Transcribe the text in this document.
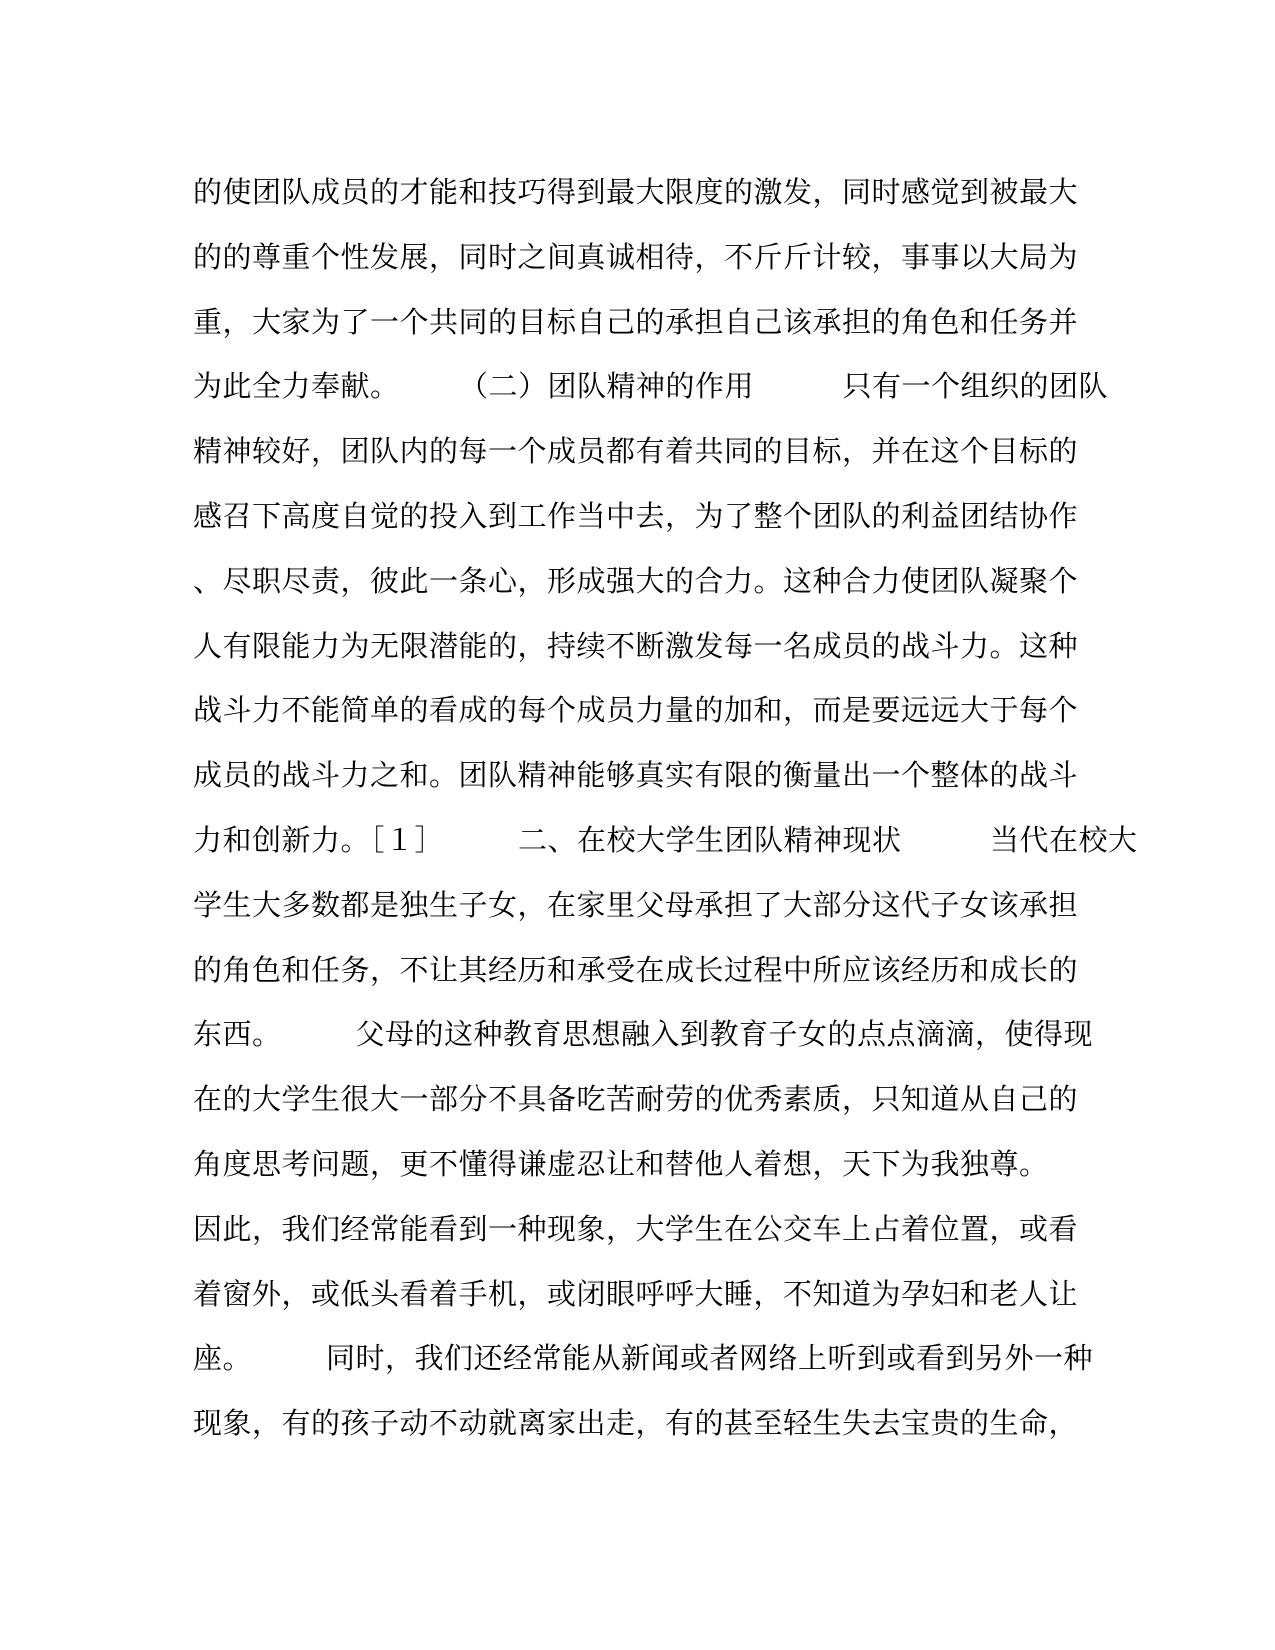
的使团队成员的才能和技巧得到最大限度的激发，同时感觉到被最大
的的尊重个性发展，同时之间真诚相待，不斤斤计较，事事以大局为
重，大家为了一个共同的目标自己的承担自己该承担的角色和任务并
为此全力奉献。　　　（二）团队精神的作用　　　只有一个组织的团队
精神较好，团队内的每一个成员都有着共同的目标，并在这个目标的
感召下高度自觉的投入到工作当中去，为了整个团队的利益团结协作
、尽职尽责，彼此一条心，形成强大的合力。这种合力使团队凝聚个
人有限能力为无限潜能的，持续不断激发每一名成员的战斗力。这种
战斗力不能简单的看成的每个成员力量的加和，而是要远远大于每个
成员的战斗力之和。团队精神能够真实有限的衡量出一个整体的战斗
力和创新力。［１］　　　二、在校大学生团队精神现状　　　当代在校大
学生大多数都是独生子女，在家里父母承担了大部分这代子女该承担
的角色和任务，不让其经历和承受在成长过程中所应该经历和成长的
东西。　　　父母的这种教育思想融入到教育子女的点点滴滴，使得现
在的大学生很大一部分不具备吃苦耐劳的优秀素质，只知道从自己的
角度思考问题，更不懂得谦虚忍让和替他人着想，天下为我独尊。
因此，我们经常能看到一种现象，大学生在公交车上占着位置，或看
着窗外，或低头看着手机，或闭眼呼呼大睡，不知道为孕妇和老人让
座。　　　同时，我们还经常能从新闻或者网络上听到或看到另外一种
现象，有的孩子动不动就离家出走，有的甚至轻生失去宝贵的生命，
